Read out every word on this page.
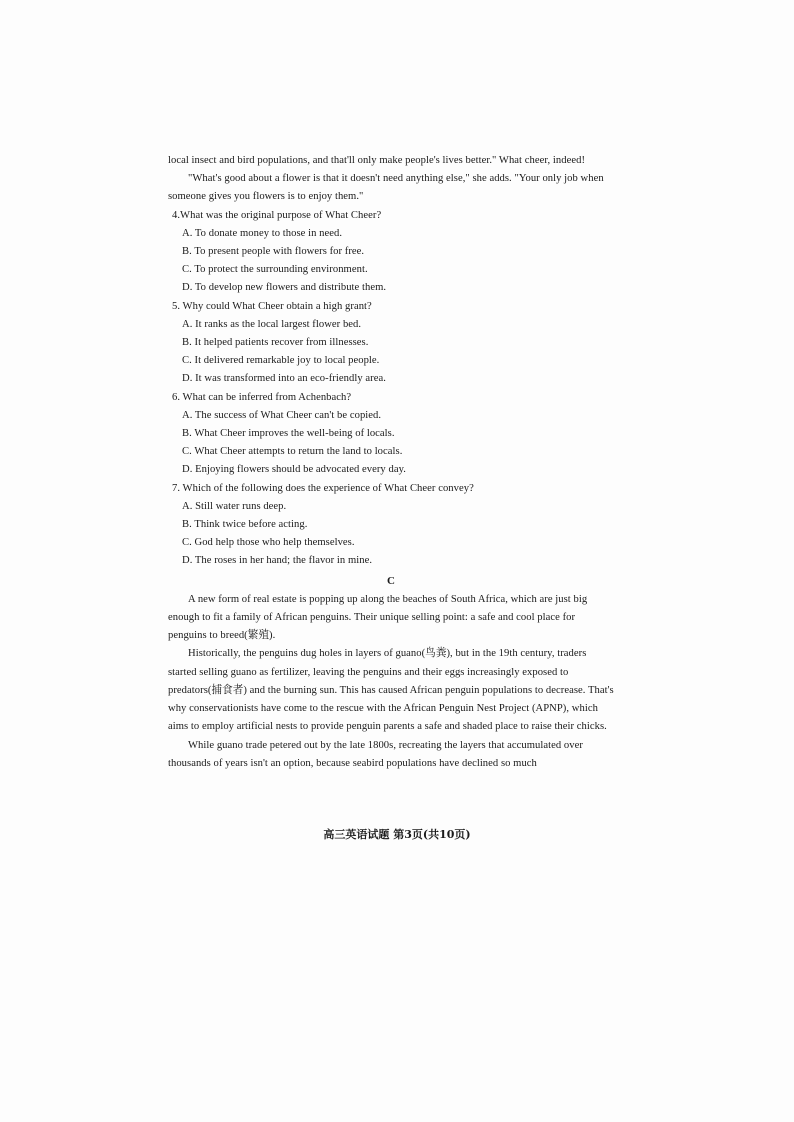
local insect and bird populations, and that'll only make people's lives better." What cheer, indeed!

"What's good about a flower is that it doesn't need anything else," she adds. "Your only job when someone gives you flowers is to enjoy them."

4.What was the original purpose of What Cheer?

A. To donate money to those in need.

B. To present people with flowers for free.

C. To protect the surrounding environment.

D. To develop new flowers and distribute them.

5. Why could What Cheer obtain a high grant?

A. It ranks as the local largest flower bed.

B. It helped patients recover from illnesses.

C. It delivered remarkable joy to local people.

D. It was transformed into an eco-friendly area.

6. What can be inferred from Achenbach?

A. The success of What Cheer can't be copied.

B. What Cheer improves the well-being of locals.

C. What Cheer attempts to return the land to locals.

D. Enjoying flowers should be advocated every day.

7. Which of the following does the experience of What Cheer convey?

A. Still water runs deep.

B. Think twice before acting.

C. God help those who help themselves.

D. The roses in her hand; the flavor in mine.

C

A new form of real estate is popping up along the beaches of South Africa, which are just big enough to fit a family of African penguins. Their unique selling point: a safe and cool place for penguins to breed(繁殖).

Historically, the penguins dug holes in layers of guano(鸟粪), but in the 19th century, traders started selling guano as fertilizer, leaving the penguins and their eggs increasingly exposed to predators(捕食者) and the burning sun. This has caused African penguin populations to decrease. That's why conservationists have come to the rescue with the African Penguin Nest Project (APNP), which aims to employ artificial nests to provide penguin parents a safe and shaded place to raise their chicks.

While guano trade petered out by the late 1800s, recreating the layers that accumulated over thousands of years isn't an option, because seabird populations have declined so much

高三英语试题 第3页(共10页)
